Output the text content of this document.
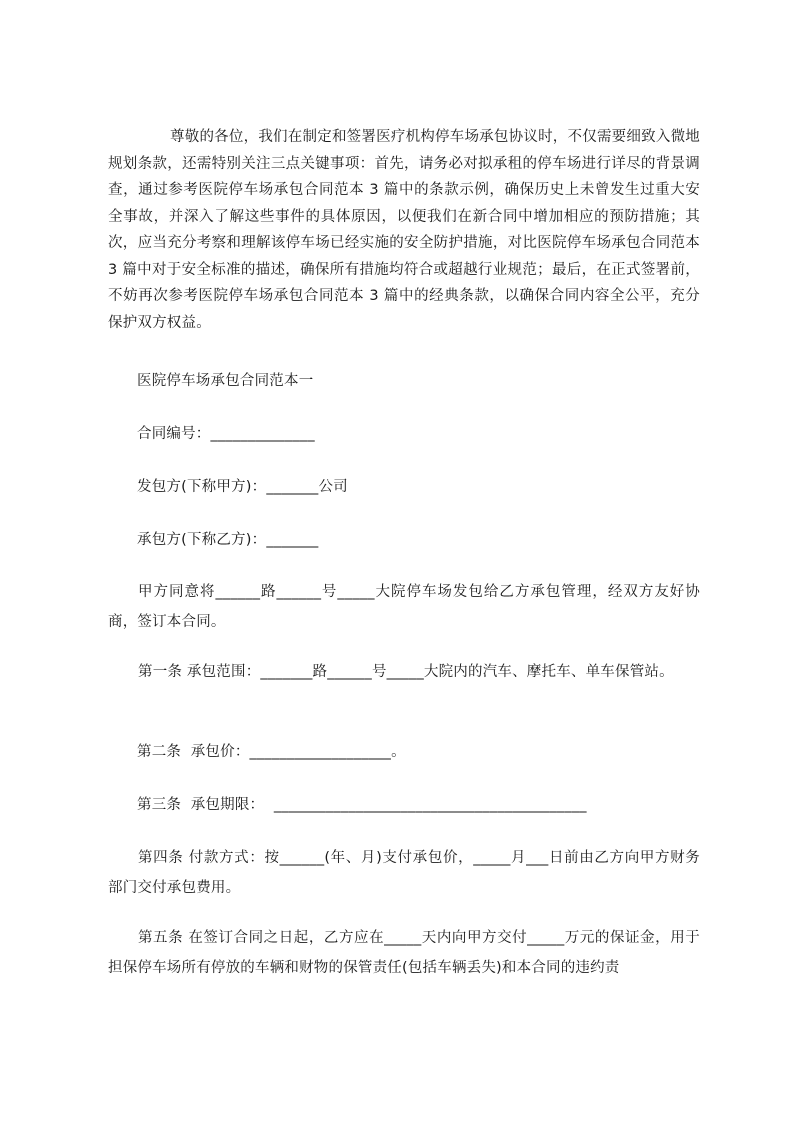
尊敬的各位，我们在制定和签署医疗机构停车场承包协议时，不仅需要细致入微地规划条款，还需特别关注三点关键事项：首先，请务必对拟承租的停车场进行详尽的背景调查，通过参考医院停车场承包合同范本 3 篇中的条款示例，确保历史上未曾发生过重大安全事故，并深入了解这些事件的具体原因，以便我们在新合同中增加相应的预防措施；其次，应当充分考察和理解该停车场已经实施的安全防护措施，对比医院停车场承包合同范本 3 篇中对于安全标准的描述，确保所有措施均符合或超越行业规范；最后，在正式签署前，不妨再次参考医院停车场承包合同范本 3 篇中的经典条款，以确保合同内容全公平，充分保护双方权益。

医院停车场承包合同范本一
合同编号：______________
发包方(下称甲方)：_______公司
承包方(下称乙方)：_______
甲方同意将______路______号_____大院停车场发包给乙方承包管理，经双方友好协商，签订本合同。
第一条 承包范围：_______路______号_____大院内的汽车、摩托车、单车保管站。
第二条  承包价：___________________。
第三条  承包期限：  __________________________________________
第四条 付款方式：按______(年、月)支付承包价，_____月___日前由乙方向甲方财务 部门交付承包费用。
第五条 在签订合同之日起，乙方应在_____天内向甲方交付_____万元的保证金，用于担保停车场所有停放的车辆和财物的保管责任(包括车辆丢失)和本合同的违约责
